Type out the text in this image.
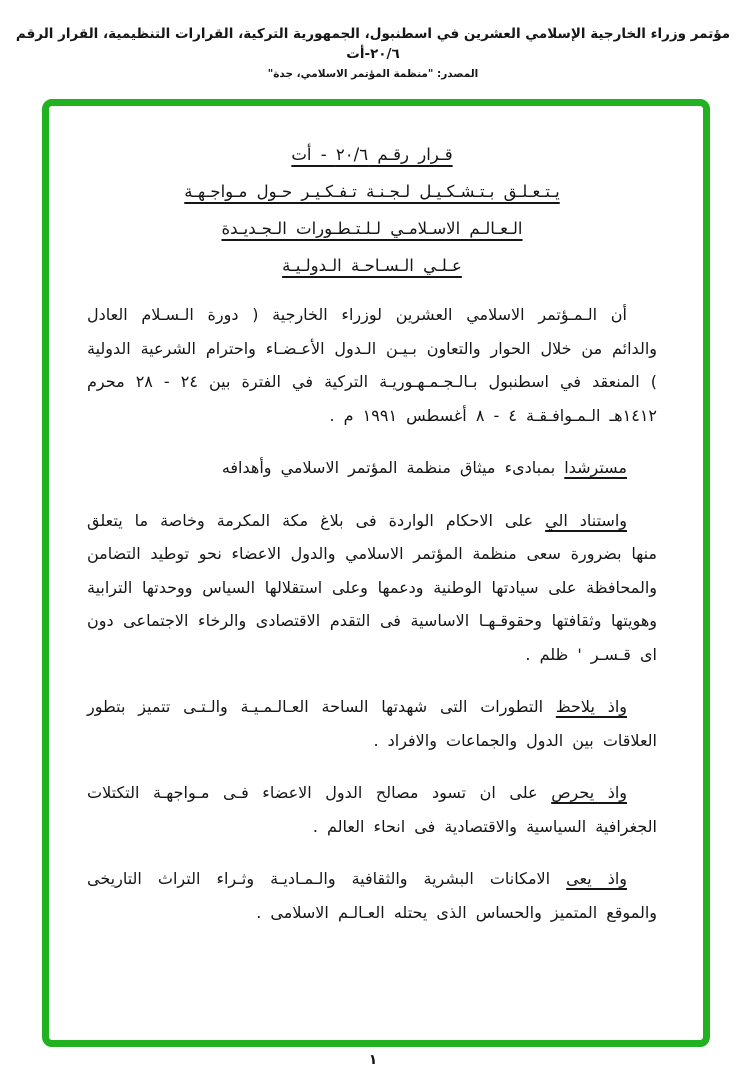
مؤتمر وزراء الخارجية الإسلامي العشرين في اسطنبول، الجمهورية التركية، القرارات التنظيمية، القرار الرقم ٢٠/٦-أت
المصدر: "منظمة المؤتمر الاسلامي، جدة"
قـرار رقـم ٢٠/٦ - أت
يـتـعـلـق بـتـشـكـيـل لـجـنـة تـفـكـيـر حـول مـواجـهـة
الـعـالـم الاسـلامـي لـلـتـطـورات الـجـديـدة
عـلـي الـسـاحـة الـدولـيـة

أن الـمـؤتمر الاسلامي العشرين لوزراء الخارجية ( دورة الـسـلام العادل والدائم من خلال الحوار والتعاون بـيـن الـدول الأعـضـاء واحترام الشرعية الدولية ) المنعقد في اسطنبول بـالـجـمـهـوريـة التركية في الفترة بين ٢٤ - ٢٨ محرم ١٤١٢هـ الـمـوافـقـة ٤ - ٨ أغسطس ١٩٩١ م .

مسترشدا بمبادىء ميثاق منظمة المؤتمر الاسلامي وأهدافه

واستناد الي على الاحكام الواردة فى بلاغ مكة المكرمة وخاصة ما يتعلق منها بضرورة سعى منظمة المؤتمر الاسلامي والدول الاعضاء نحو توطيد التضامن والمحافظة على سيادتها الوطنية ودعمها وعلى استقلالها السياس ووحدتها الترابية وهويتها وثقافتها وحقوقـهـا الاساسية فى التقدم الاقتصادى والرخاء الاجتماعى دون اى قـسـر ' ظلم .

واذ يلاحظ التطورات التى شهدتها الساحة العـالـمـيـة والـتـى تتميز بتطور العلاقات بين الدول والجماعات والافراد .

واذ يحرص على ان تسود مصالح الدول الاعضاء فـى مـواجهـة التكتلات الجغرافية السياسية والاقتصادية فى انحاء العالم .

واذ يعى الامكانات البشرية والثقافية والـمـاديـة وثـراء التراث التاريخى والموقع المتميز والحساس الذى يحتله العـالـم الاسلامى .

١
